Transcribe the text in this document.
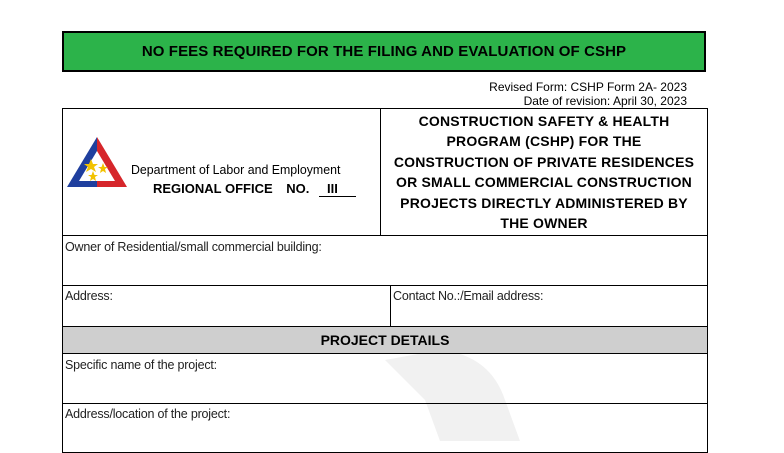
NO FEES REQUIRED FOR THE FILING AND EVALUATION OF CSHP
Revised Form: CSHP Form 2A- 2023
Date of revision: April 30, 2023
Department of Labor and Employment
REGIONAL OFFICE NO. III
CONSTRUCTION SAFETY & HEALTH
PROGRAM (CSHP) FOR THE
CONSTRUCTION OF PRIVATE RESIDENCES
OR SMALL COMMERCIAL CONSTRUCTION
PROJECTS DIRECTLY ADMINISTERED BY
THE OWNER
Owner of Residential/small commercial building:
Address:	Contact No.:/Email address:
PROJECT DETAILS
Specific name of the project:
Address/location of the project:
